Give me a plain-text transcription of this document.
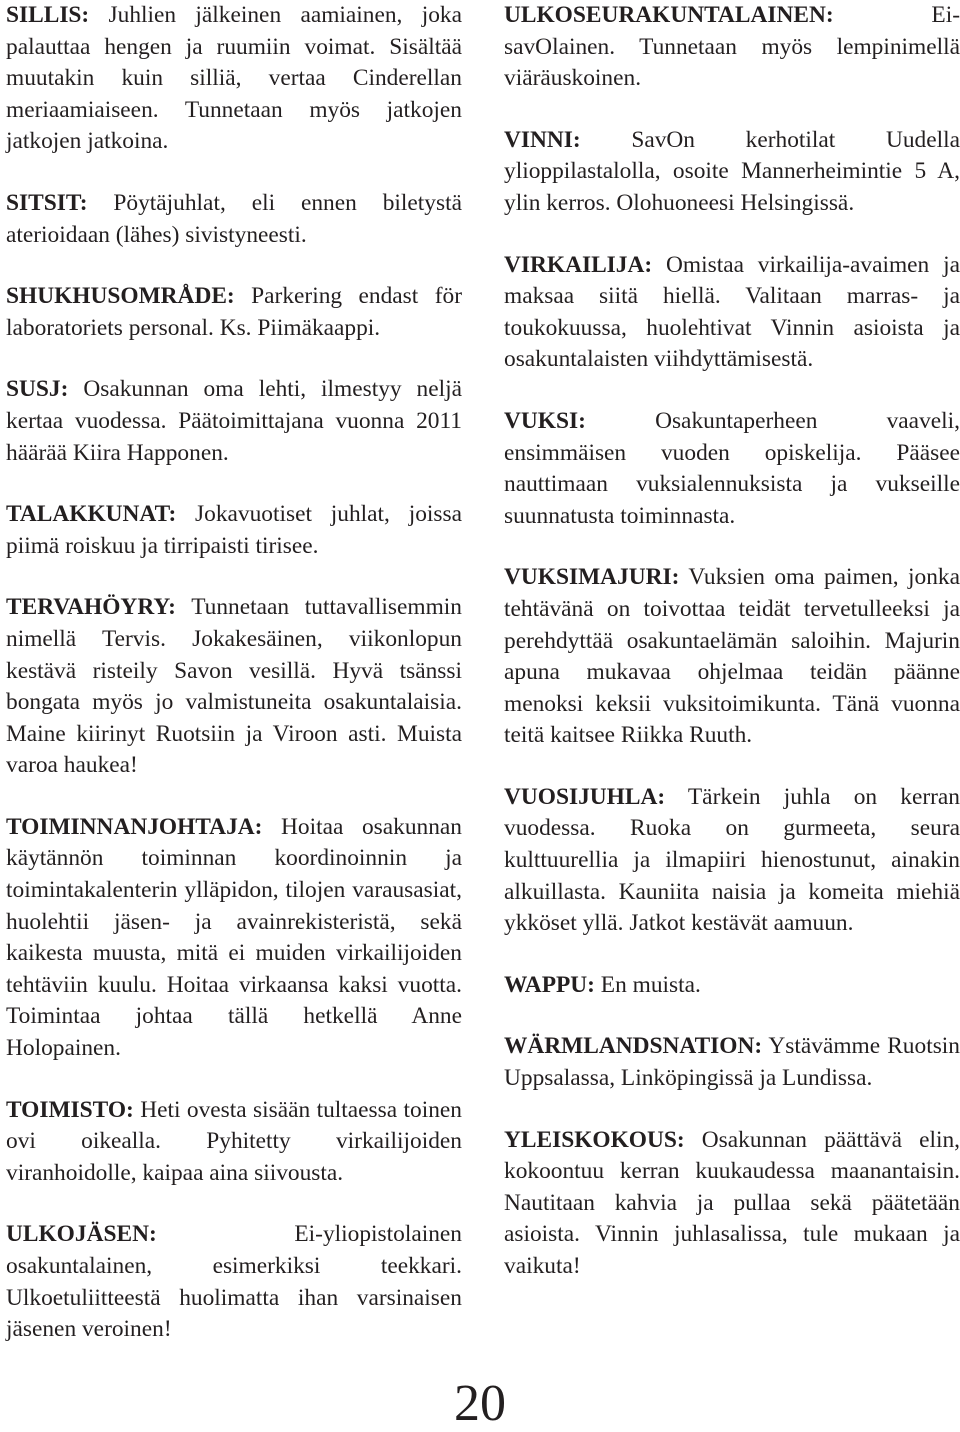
SILLIS: Juhlien jälkeinen aamiainen, joka palauttaa hengen ja ruumiin voimat. Sisältää muutakin kuin silliä, vertaa Cinderellan meriaamiaiseen. Tunnetaan myös jatkojen jatkojen jatkoina.

SITSIT: Pöytäjuhlat, eli ennen biletystä aterioidaan (lähes) sivistyneesti.

SHUKHUSOMRÅDE: Parkering endast för laboratoriets personal. Ks. Piimäkaappi.

SUSJ: Osakunnan oma lehti, ilmestyy neljä kertaa vuodessa. Päätoimittajana vuonna 2011 häärää Kiira Happonen.

TALAKKUNAT: Jokavuotiset juhlat, joissa piimä roiskuu ja tirripaisti tirisee.

TERVAHÖYRY: Tunnetaan tuttavallisemmin nimellä Tervis. Jokakesäinen, viikonlopun kestävä risteily Savon vesillä. Hyvä tsänssi bongata myös jo valmistuneita osakuntalaisia. Maine kiirinyt Ruotsiin ja Viroon asti. Muista varoa haukea!

TOIMINNANJOHTAJA: Hoitaa osakunnan käytännön toiminnan koordinoinnin ja toimintakalenterin ylläpidon, tilojen varausasiat, huolehtii jäsen- ja avainrekisteristä, sekä kaikesta muusta, mitä ei muiden virkailijoiden tehtäviin kuulu. Hoitaa virkaansa kaksi vuotta. Toimintaa johtaa tällä hetkellä Anne Holopainen.

TOIMISTO: Heti ovesta sisään tultaessa toinen ovi oikealla. Pyhitetty virkailijoiden viranhoidolle, kaipaa aina siivousta.

ULKOJÄSEN: Ei-yliopistolainen osakuntalainen, esimerkiksi teekkari. Ulkoetuliitteestä huolimatta ihan varsinaisen jäsenen veroinen!

ULKOSEURAKUNTALAINEN: Ei-savOlainen. Tunnetaan myös lempinimellä viäräuskoinen.

VINNI: SavOn kerhotilat Uudella ylioppilastalolla, osoite Mannerheimintie 5 A, ylin kerros. Olohuoneesi Helsingissä.

VIRKAILIJA: Omistaa virkailija-avaimen ja maksaa siitä hiellä. Valitaan marras- ja toukokuussa, huolehtivat Vinnin asioista ja osakuntalaisten viihdyttämisestä.

VUKSI: Osakuntaperheen vaaveli, ensimmäisen vuoden opiskelija. Pääsee nauttimaan vuksialennuksista ja vukseille suunnatusta toiminnasta.

VUKSIMAJURI: Vuksien oma paimen, jonka tehtävänä on toivottaa teidät tervetulleeksi ja perehdyttää osakuntaelämän saloihin. Majurin apuna mukavaa ohjelmaa teidän päänne menoksi keksii vuksitoimikunta. Tänä vuonna teitä kaitsee Riikka Ruuth.

VUOSIJUHLA: Tärkein juhla on kerran vuodessa. Ruoka on gurmeeta, seura kulttuurellia ja ilmapiiri hienostunut, ainakin alkuillasta. Kauniita naisia ja komeita miehiä ykköset yllä. Jatkot kestävät aamuun.

WAPPU: En muista.

WÄRMLANDSNATION: Ystävämme Ruotsin Uppsalassa, Linköpingissä ja Lundissa.

YLEISKOKOUS: Osakunnan päättävä elin, kokoontuu kerran kuukaudessa maanantaisin. Nautitaan kahvia ja pullaa sekä päätetään asioista. Vinnin juhlasalissa, tule mukaan ja vaikuta!

20
